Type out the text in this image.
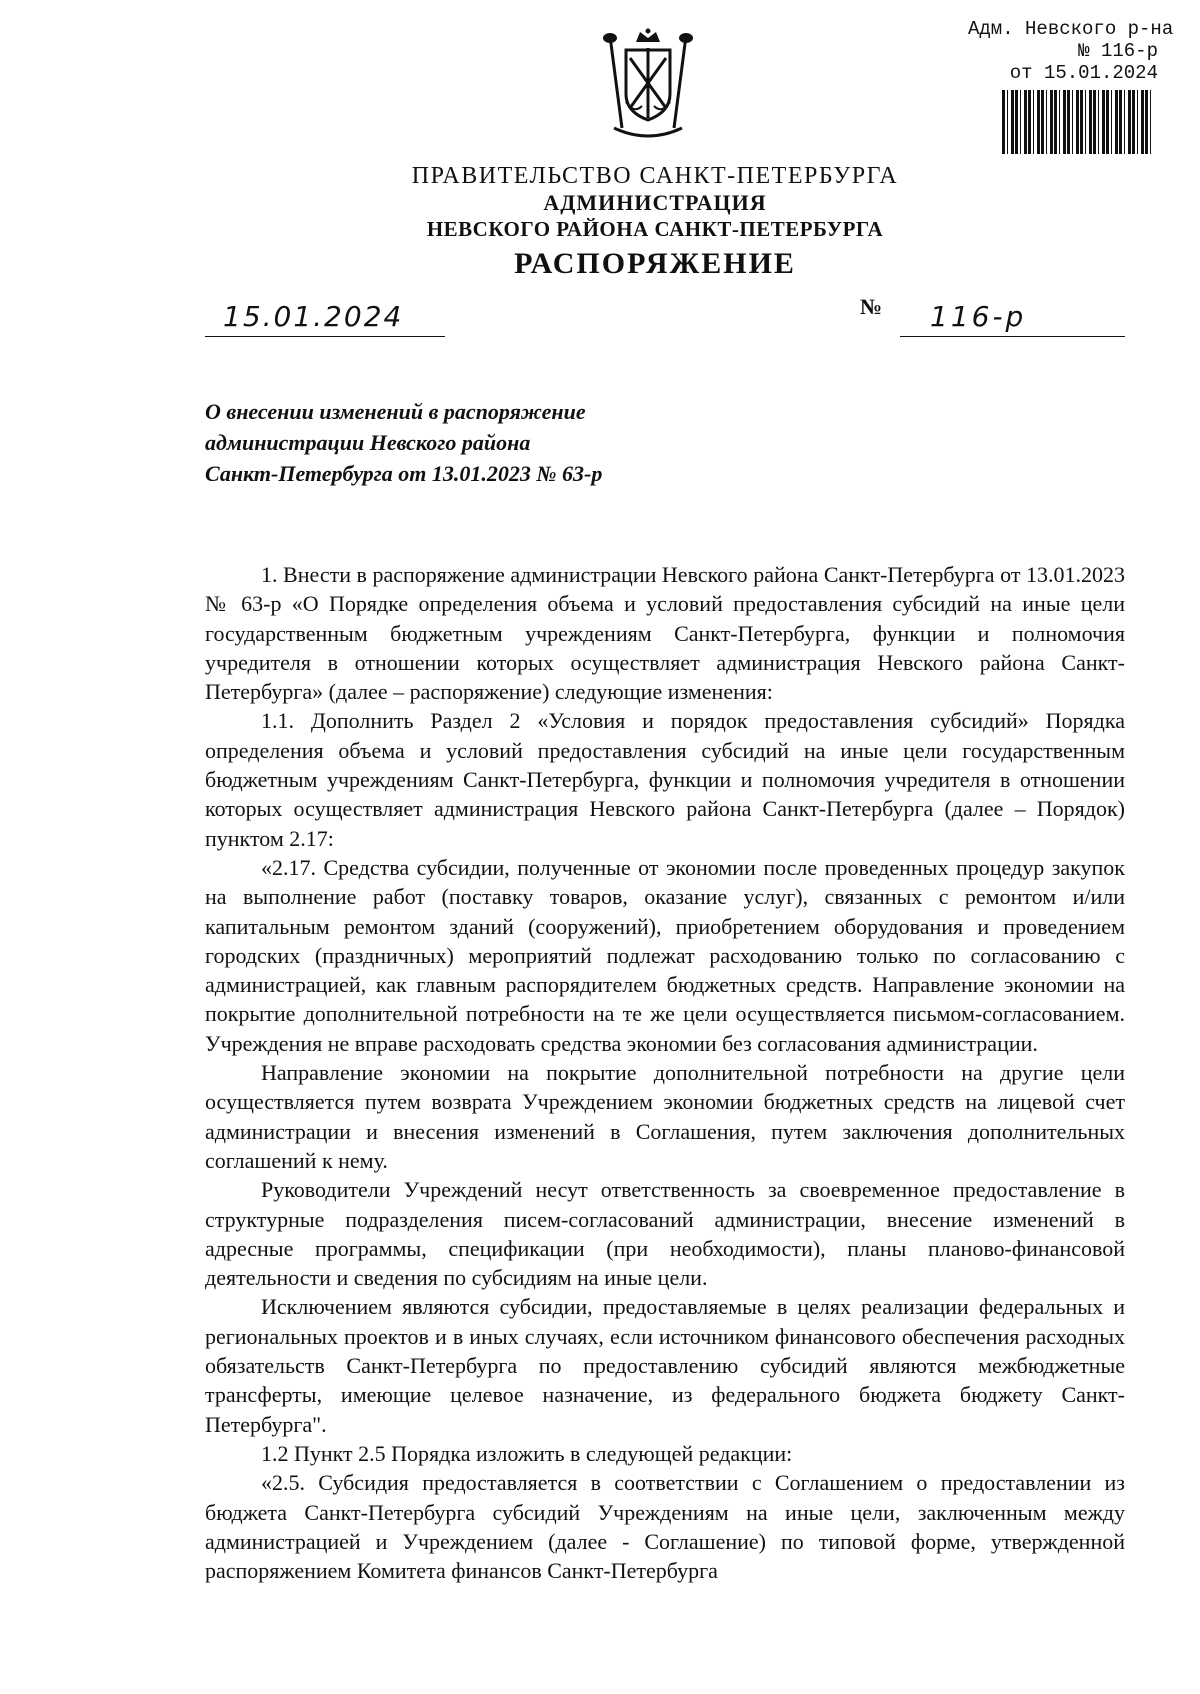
Адм. Невского р-на
№ 116-р
от 15.01.2024
ПРАВИТЕЛЬСТВО САНКТ-ПЕТЕРБУРГА
АДМИНИСТРАЦИЯ
НЕВСКОГО РАЙОНА САНКТ-ПЕТЕРБУРГА
РАСПОРЯЖЕНИЕ
15.01.2024	№ 116-р
О внесении изменений в распоряжение
администрации Невского района
Санкт-Петербурга от 13.01.2023 № 63-р

1. Внести в распоряжение администрации Невского района Санкт-Петербурга от 13.01.2023 № 63-р «О Порядке определения объема и условий предоставления субсидий на иные цели государственным бюджетным учреждениям Санкт-Петербурга, функции и полномочия учредителя в отношении которых осуществляет администрация Невского района Санкт-Петербурга» (далее – распоряжение) следующие изменения:

1.1. Дополнить Раздел 2 «Условия и порядок предоставления субсидий» Порядка определения объема и условий предоставления субсидий на иные цели государственным бюджетным учреждениям Санкт-Петербурга, функции и полномочия учредителя в отношении которых осуществляет администрация Невского района Санкт-Петербурга (далее – Порядок) пунктом 2.17:

«2.17. Средства субсидии, полученные от экономии после проведенных процедур закупок на выполнение работ (поставку товаров, оказание услуг), связанных с ремонтом и/или капитальным ремонтом зданий (сооружений), приобретением оборудования и проведением городских (праздничных) мероприятий подлежат расходованию только по согласованию с администрацией, как главным распорядителем бюджетных средств. Направление экономии на покрытие дополнительной потребности на те же цели осуществляется письмом-согласованием. Учреждения не вправе расходовать средства экономии без согласования администрации.

Направление экономии на покрытие дополнительной потребности на другие цели осуществляется путем возврата Учреждением экономии бюджетных средств на лицевой счет администрации и внесения изменений в Соглашения, путем заключения дополнительных соглашений к нему.

Руководители Учреждений несут ответственность за своевременное предоставление в структурные подразделения писем-согласований администрации, внесение изменений в адресные программы, спецификации (при необходимости), планы планово-финансовой деятельности и сведения по субсидиям на иные цели.

Исключением являются субсидии, предоставляемые в целях реализации федеральных и региональных проектов и в иных случаях, если источником финансового обеспечения расходных обязательств Санкт-Петербурга по предоставлению субсидий являются межбюджетные трансферты, имеющие целевое назначение, из федерального бюджета бюджету Санкт-Петербурга".

1.2 Пункт 2.5 Порядка изложить в следующей редакции:

«2.5. Субсидия предоставляется в соответствии с Соглашением о предоставлении из бюджета Санкт-Петербурга субсидий Учреждениям на иные цели, заключенным между администрацией и Учреждением (далее - Соглашение) по типовой форме, утвержденной распоряжением Комитета финансов Санкт-Петербурга
